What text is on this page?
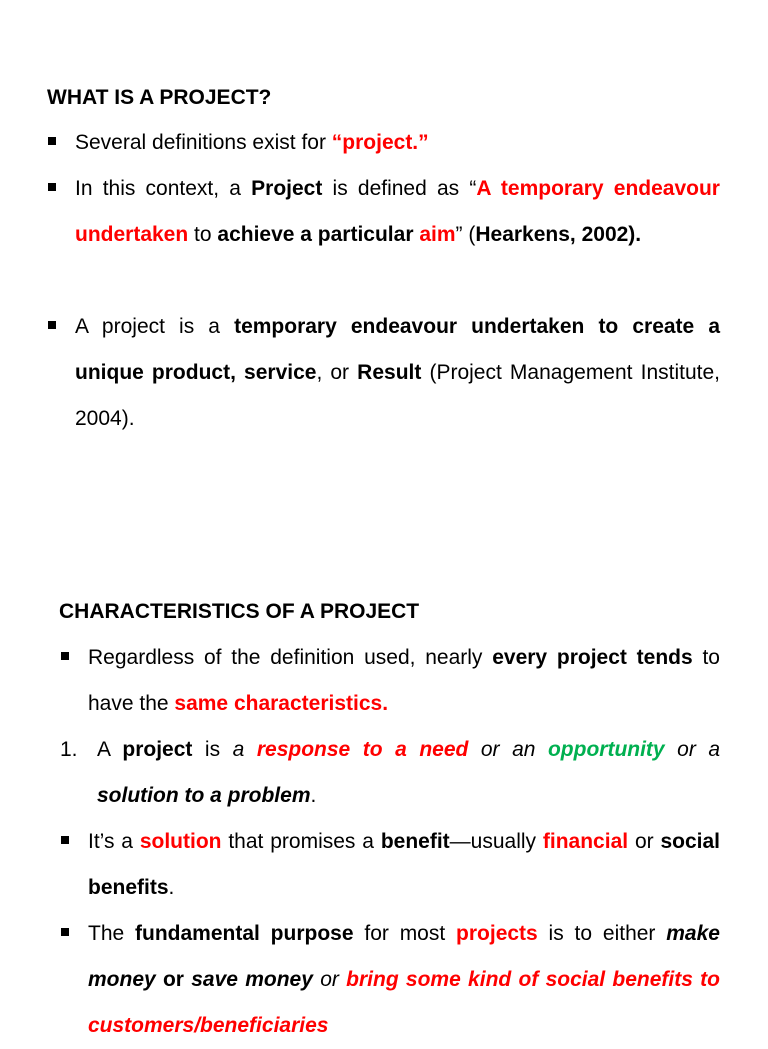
WHAT IS A PROJECT?

Several definitions exist for “project.”

In this context, a Project is defined as “A temporary endeavour undertaken to achieve a particular aim” (Hearkens, 2002).

A project is a temporary endeavour undertaken to create a unique product, service, or Result (Project Management Institute, 2004).

CHARACTERISTICS OF A PROJECT

Regardless of the definition used, nearly every project tends to have the same characteristics.

1. A project is a response to a need or an opportunity or a solution to a problem.

It’s a solution that promises a benefit—usually financial or social benefits.

The fundamental purpose for most projects is to either make money or save money or bring some kind of social benefits to customers/beneficiaries
